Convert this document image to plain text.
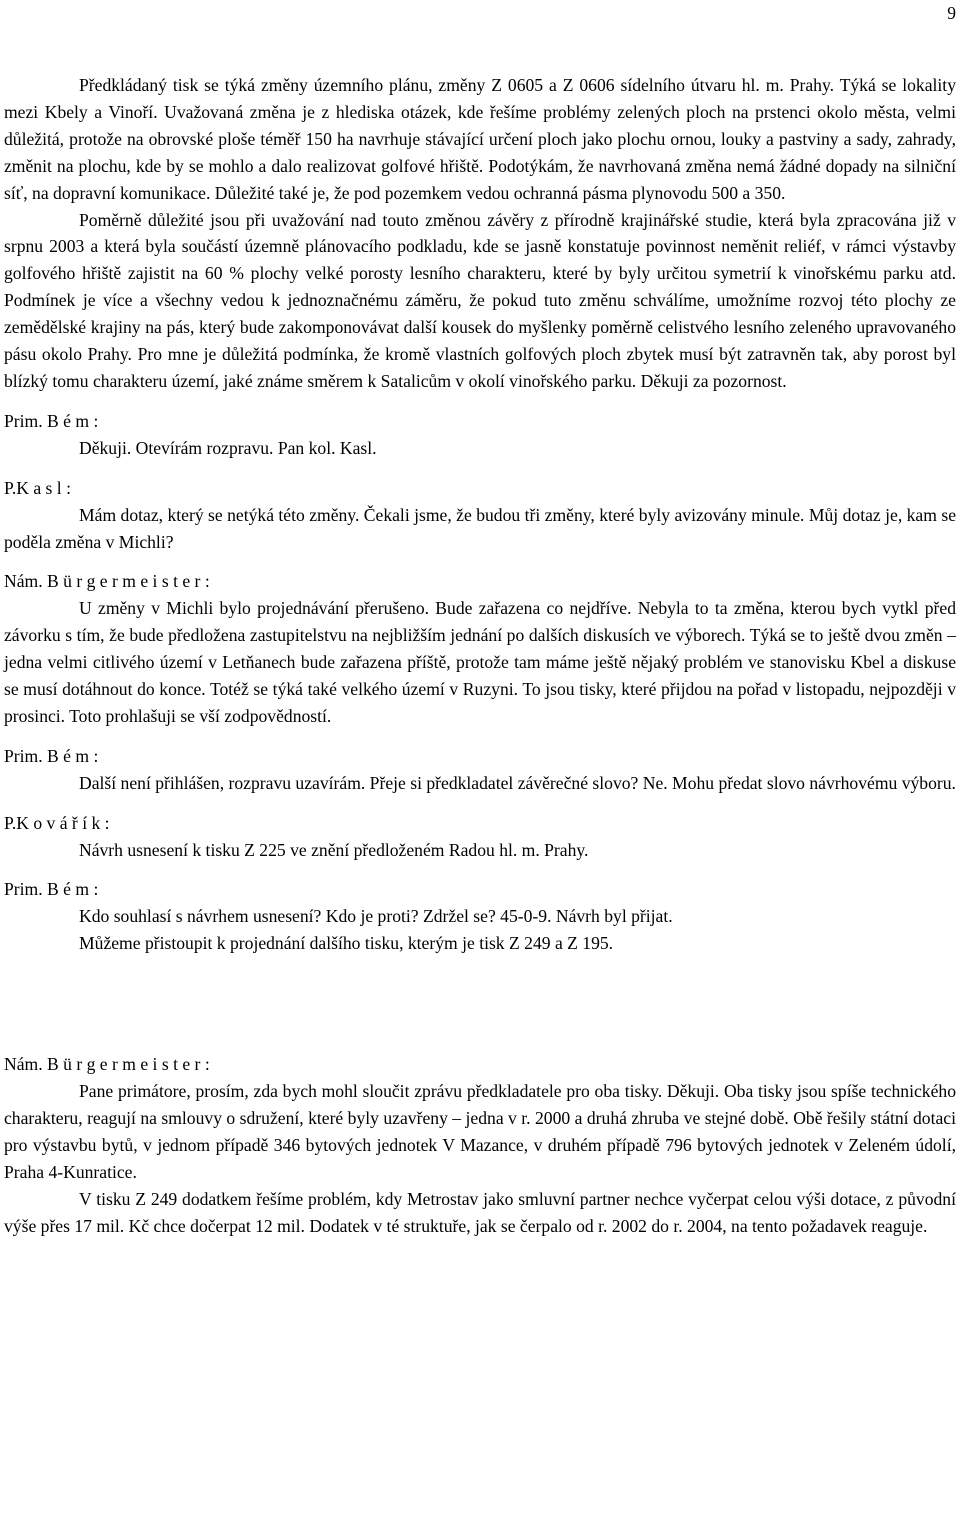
9

Předkládaný tisk se týká změny územního plánu, změny Z 0605 a Z 0606 sídelního útvaru hl. m. Prahy. Týká se lokality mezi Kbely a Vinoří. Uvažovaná změna je z hlediska otázek, kde řešíme problémy zelených ploch na prstenci okolo města, velmi důležitá, protože na obrovské ploše téměř 150 ha navrhuje stávající určení ploch jako plochu ornou, louky a pastviny a sady, zahrady, změnit na plochu, kde by se mohlo a dalo realizovat golfové hřiště. Podotýkám, že navrhovaná změna nemá žádné dopady na silniční síť, na dopravní komunikace. Důležité také je, že pod pozemkem vedou ochranná pásma plynovodu 500 a 350.

Poměrně důležité jsou při uvažování nad touto změnou závěry z přírodně krajinářské studie, která byla zpracována již v srpnu 2003 a která byla součástí územně plánovacího podkladu, kde se jasně konstatuje povinnost neměnit reliéf, v rámci výstavby golfového hřiště zajistit na 60 % plochy velké porosty lesního charakteru, které by byly určitou symetrií k vinořskému parku atd. Podmínek je více a všechny vedou k jednoznačnému záměru, že pokud tuto změnu schválíme, umožníme rozvoj této plochy ze zemědělské krajiny na pás, který bude zakomponovávat další kousek do myšlenky poměrně celistvého lesního zeleného upravovaného pásu okolo Prahy. Pro mne je důležitá podmínka, že kromě vlastních golfových ploch zbytek musí být zatravněn tak, aby porost byl blízký tomu charakteru území, jaké známe směrem k Satalicům v okolí vinořského parku. Děkuji za pozornost.

Prim. B é m :

Děkuji. Otevírám rozpravu. Pan kol. Kasl.

P.K a s l :

Mám dotaz, který se netýká této změny. Čekali jsme, že budou tři změny, které byly avizovány minule. Můj dotaz je, kam se poděla změna v Michli?

Nám. B ü r g e r m e i s t e r :

U změny v Michli bylo projednávání přerušeno. Bude zařazena co nejdříve. Nebyla to ta změna, kterou bych vytkl před závorku s tím, že bude předložena zastupitelstvu na nejbližším jednání po dalších diskusích ve výborech. Týká se to ještě dvou změn – jedna velmi citlivého území v Letňanech bude zařazena příště, protože tam máme ještě nějaký problém ve stanovisku Kbel a diskuse se musí dotáhnout do konce. Totéž se týká také velkého území v Ruzyni. To jsou tisky, které přijdou na pořad v listopadu, nejpozději v prosinci. Toto prohlašuji se vší zodpovědností.

Prim. B é m :

Další není přihlášen, rozpravu uzavírám. Přeje si předkladatel závěrečné slovo? Ne. Mohu předat slovo návrhovému výboru.

P.K o v á ř í k :

Návrh usnesení k tisku Z 225 ve znění předloženém Radou hl. m. Prahy.

Prim. B é m :

Kdo souhlasí s návrhem usnesení? Kdo je proti? Zdržel se? 45-0-9. Návrh byl přijat.

Můžeme přistoupit k projednání dalšího tisku, kterým je tisk Z 249 a Z 195.

Nám. B ü r g e r m e i s t e r :

Pane primátore, prosím, zda bych mohl sloučit zprávu předkladatele pro oba tisky. Děkuji. Oba tisky jsou spíše technického charakteru, reagují na smlouvy o sdružení, které byly uzavřeny – jedna v r. 2000 a druhá zhruba ve stejné době. Obě řešily státní dotaci pro výstavbu bytů, v jednom případě 346 bytových jednotek V Mazance, v druhém případě 796 bytových jednotek v Zeleném údolí, Praha 4-Kunratice.

V tisku Z 249 dodatkem řešíme problém, kdy Metrostav jako smluvní partner nechce vyčerpat celou výši dotace, z původní výše přes 17 mil. Kč chce dočerpat 12 mil. Dodatek v té struktuře, jak se čerpalo od r. 2002 do r. 2004, na tento požadavek reaguje.
